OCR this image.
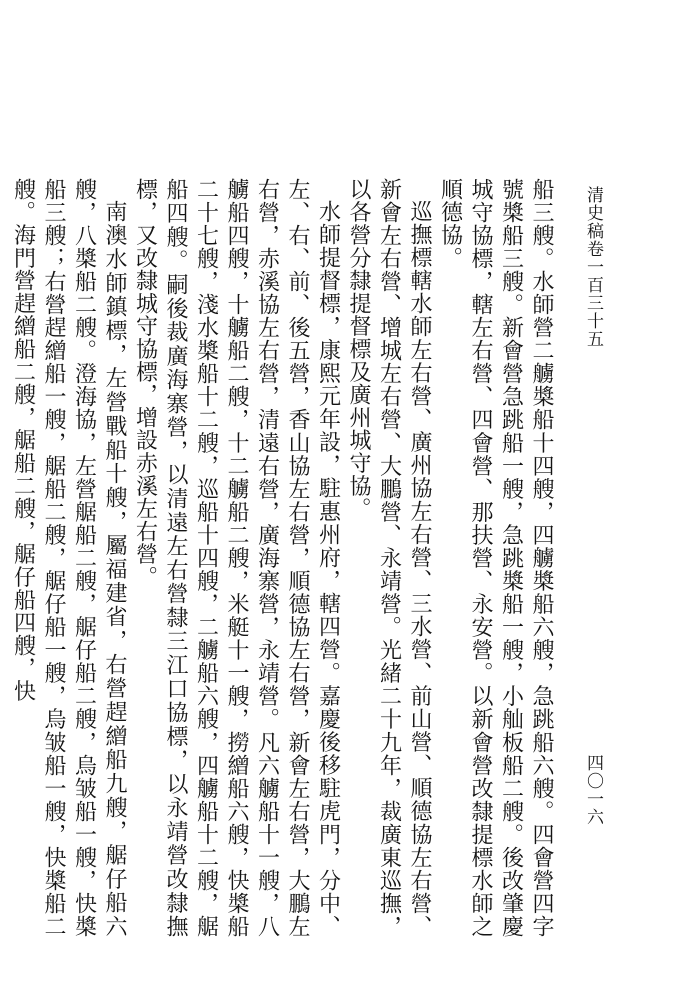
清史稿卷一百三十五
四〇一六

船三艘。水師營二艣槳船十四艘，四艣槳船六艘，急跳船六艘。四會營四字號槳船三艘。新會營急跳船一艘，急跳槳船一艘，小舢板船二艘。後改肇慶城守協標，轄左右營、四會營、那扶營、永安營。以新會營改隸提標水師之順德協。

巡撫標轄水師左右營、廣州協左右營、三水營、前山營、順德協左右營、新會左右營、增城左右營、大鵬營、永靖營。光緒二十九年，裁廣東巡撫，以各營分隸提督標及廣州城守協。

水師提督標，康熙元年設，駐惠州府，轄四營。嘉慶後移駐虎門，分中、左、右、前、後五營，香山協左右營，順德協左右營，新會左右營，大鵬左右營，赤溪協左右營，清遠右營，廣海寨營，永靖營。凡六艣船十一艘，八艣船四艘，十艣船二艘，十二艣船二艘，米艇十一艘，撈繒船六艘，快槳船二十七艘，淺水槳船十二艘，巡船十四艘，二艣船六艘，四艣船十二艘，艍船四艘。嗣後裁廣海寨營，以清遠左右營隸三江口協標，以永靖營改隸撫標，又改隸城守協標，增設赤溪左右營。

南澳水師鎮標，左營戰船十艘，屬福建省，右營趕繒船九艘，艍仔船六艘，八槳船二艘。澄海協，左營艍船二艘，艍仔船二艘，烏皱船一艘，快槳船三艘；右營趕繒船一艘，艍船二艘，艍仔船一艘，烏皱船一艘，快槳船二艘。海門營趕繒船二艘，艍船二艘，艍仔船四艘，快
